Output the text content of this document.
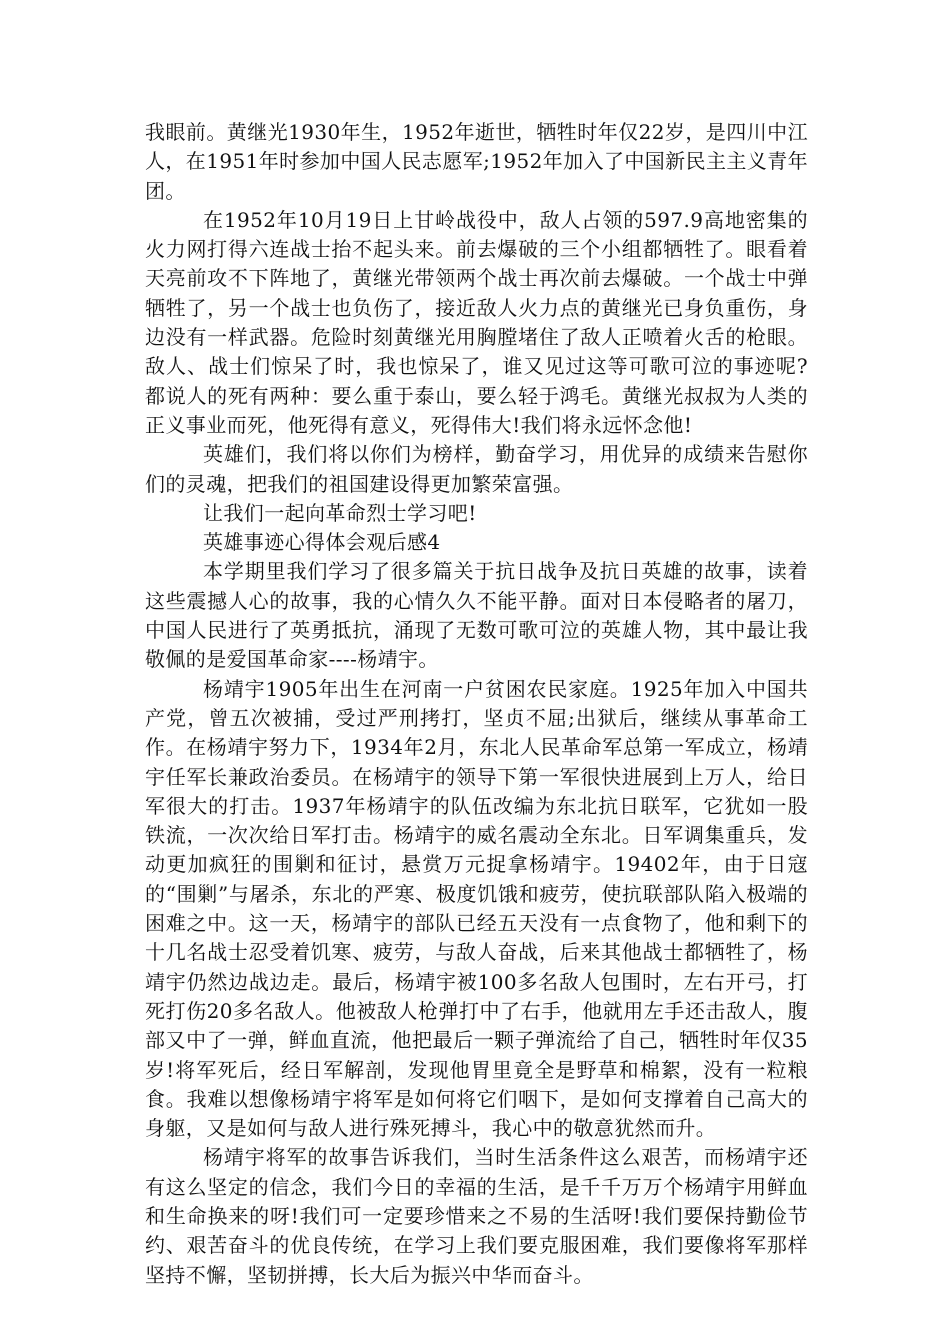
我眼前。黄继光1930年生，1952年逝世，牺牲时年仅22岁，是四川中江人，在1951年时参加中国人民志愿军;1952年加入了中国新民主主义青年团。

在1952年10月19日上甘岭战役中，敌人占领的597.9高地密集的火力网打得六连战士抬不起头来。前去爆破的三个小组都牺牲了。眼看着天亮前攻不下阵地了，黄继光带领两个战士再次前去爆破。一个战士中弹牺牲了，另一个战士也负伤了，接近敌人火力点的黄继光已身负重伤，身边没有一样武器。危险时刻黄继光用胸膛堵住了敌人正喷着火舌的枪眼。敌人、战士们惊呆了时，我也惊呆了，谁又见过这等可歌可泣的事迹呢?都说人的死有两种：要么重于泰山，要么轻于鸿毛。黄继光叔叔为人类的正义事业而死，他死得有意义，死得伟大!我们将永远怀念他!

英雄们，我们将以你们为榜样，勤奋学习，用优异的成绩来告慰你们的灵魂，把我们的祖国建设得更加繁荣富强。

让我们一起向革命烈士学习吧!

英雄事迹心得体会观后感4

本学期里我们学习了很多篇关于抗日战争及抗日英雄的故事，读着这些震撼人心的故事，我的心情久久不能平静。面对日本侵略者的屠刀，中国人民进行了英勇抵抗，涌现了无数可歌可泣的英雄人物，其中最让我敬佩的是爱国革命家----杨靖宇。

杨靖宇1905年出生在河南一户贫困农民家庭。1925年加入中国共产党，曾五次被捕，受过严刑拷打，坚贞不屈;出狱后，继续从事革命工作。在杨靖宇努力下，1934年2月，东北人民革命军总第一军成立，杨靖宇任军长兼政治委员。在杨靖宇的领导下第一军很快进展到上万人，给日军很大的打击。1937年杨靖宇的队伍改编为东北抗日联军，它犹如一股铁流，一次次给日军打击。杨靖宇的威名震动全东北。日军调集重兵，发动更加疯狂的围剿和征讨，悬赏万元捉拿杨靖宇。19402年，由于日寇的“围剿”与屠杀，东北的严寒、极度饥饿和疲劳，使抗联部队陷入极端的困难之中。这一天，杨靖宇的部队已经五天没有一点食物了，他和剩下的十几名战士忍受着饥寒、疲劳，与敌人奋战，后来其他战士都牺牲了，杨靖宇仍然边战边走。最后，杨靖宇被100多名敌人包围时，左右开弓，打死打伤20多名敌人。他被敌人枪弹打中了右手，他就用左手还击敌人，腹部又中了一弹，鲜血直流，他把最后一颗子弹流给了自己，牺牲时年仅35岁!将军死后，经日军解剖，发现他胃里竟全是野草和棉絮，没有一粒粮食。我难以想像杨靖宇将军是如何将它们咽下，是如何支撑着自己高大的身躯，又是如何与敌人进行殊死搏斗，我心中的敬意犹然而升。

杨靖宇将军的故事告诉我们，当时生活条件这么艰苦，而杨靖宇还有这么坚定的信念，我们今日的幸福的生活，是千千万万个杨靖宇用鲜血和生命换来的呀!我们可一定要珍惜来之不易的生活呀!我们要保持勤俭节约、艰苦奋斗的优良传统，在学习上我们要克服困难，我们要像将军那样坚持不懈，坚韧拼搏，长大后为振兴中华而奋斗。
